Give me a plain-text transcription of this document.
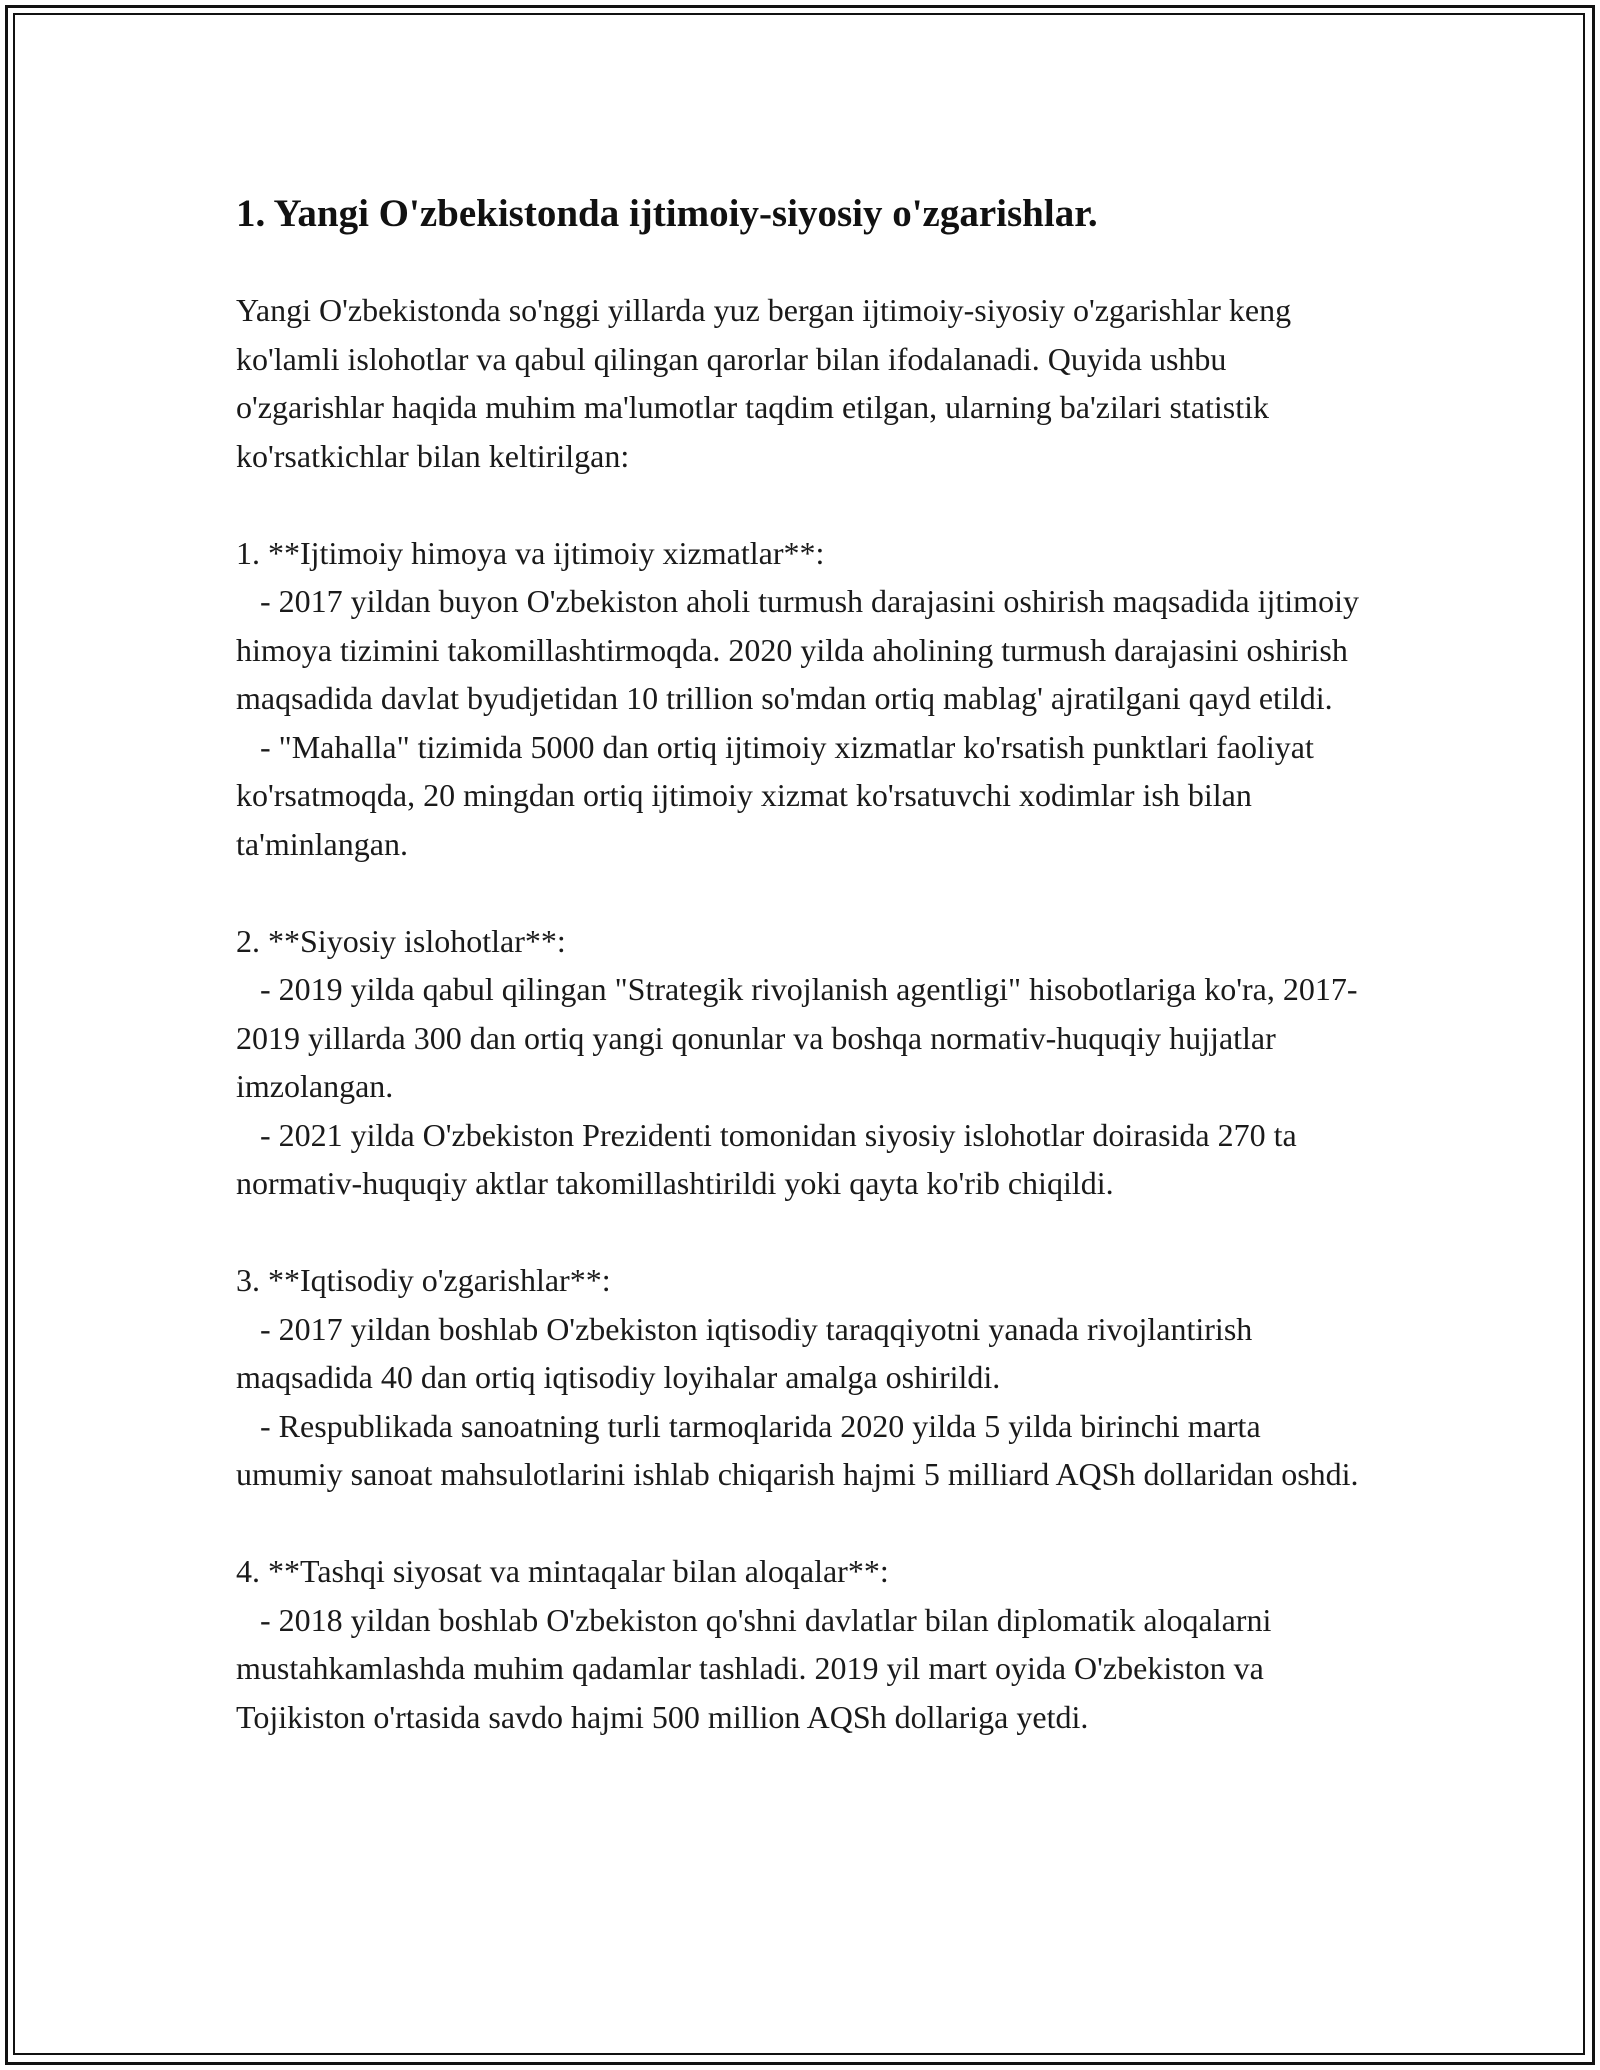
1. Yangi O'zbekistonda ijtimoiy-siyosiy o'zgarishlar.

Yangi O'zbekistonda so'nggi yillarda yuz bergan ijtimoiy-siyosiy o'zgarishlar keng ko'lamli islohotlar va qabul qilingan qarorlar bilan ifodalanadi. Quyida ushbu o'zgarishlar haqida muhim ma'lumotlar taqdim etilgan, ularning ba'zilari statistik ko'rsatkichlar bilan keltirilgan:

1. **Ijtimoiy himoya va ijtimoiy xizmatlar**:

- 2017 yildan buyon O'zbekiston aholi turmush darajasini oshirish maqsadida ijtimoiy himoya tizimini takomillashtirmoqda. 2020 yilda aholining turmush darajasini oshirish maqsadida davlat byudjetidan 10 trillion so'mdan ortiq mablag' ajratilgani qayd etildi.

- "Mahalla" tizimida 5000 dan ortiq ijtimoiy xizmatlar ko'rsatish punktlari faoliyat ko'rsatmoqda, 20 mingdan ortiq ijtimoiy xizmat ko'rsatuvchi xodimlar ish bilan ta'minlangan.

2. **Siyosiy islohotlar**:

- 2019 yilda qabul qilingan "Strategik rivojlanish agentligi" hisobotlariga ko'ra, 2017-2019 yillarda 300 dan ortiq yangi qonunlar va boshqa normativ-huquqiy hujjatlar imzolangan.

- 2021 yilda O'zbekiston Prezidenti tomonidan siyosiy islohotlar doirasida 270 ta normativ-huquqiy aktlar takomillashtirildi yoki qayta ko'rib chiqildi.

3. **Iqtisodiy o'zgarishlar**:

- 2017 yildan boshlab O'zbekiston iqtisodiy taraqqiyotni yanada rivojlantirish maqsadida 40 dan ortiq iqtisodiy loyihalar amalga oshirildi.

- Respublikada sanoatning turli tarmoqlarida 2020 yilda 5 yilda birinchi marta umumiy sanoat mahsulotlarini ishlab chiqarish hajmi 5 milliard AQSh dollaridan oshdi.

4. **Tashqi siyosat va mintaqalar bilan aloqalar**:

- 2018 yildan boshlab O'zbekiston qo'shni davlatlar bilan diplomatik aloqalarni mustahkamlashda muhim qadamlar tashladi. 2019 yil mart oyida O'zbekiston va Tojikiston o'rtasida savdo hajmi 500 million AQSh dollariga yetdi.
